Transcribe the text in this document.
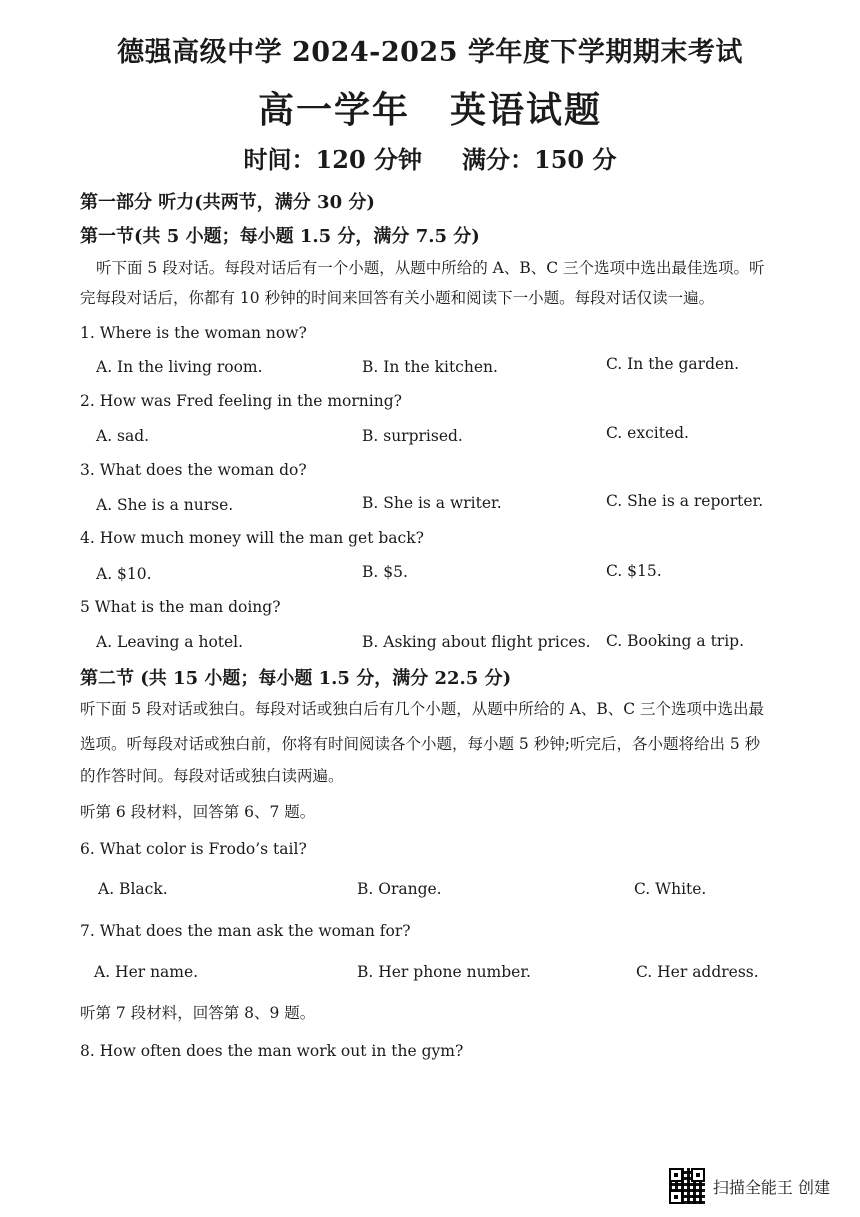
德强高级中学 2024-2025 学年度下学期期末考试
高一学年 英语试题
时间：120 分钟 满分：150 分
第一部分 听力(共两节，满分 30 分)
第一节(共 5 小题；每小题 1.5 分，满分 7.5 分)
听下面 5 段对话。每段对话后有一个小题，从题中所给的 A、B、C 三个选项中选出最佳选项。听
完每段对话后，你都有 10 秒钟的时间来回答有关小题和阅读下一小题。每段对话仅读一遍。
1. Where is the woman now?
A. In the living room.	B. In the kitchen.	C. In the garden.
2. How was Fred feeling in the morning?
A. sad.	B. surprised.	C. excited.
3. What does the woman do?
A. She is a nurse.	B. She is a writer.	C. She is a reporter.
4. How much money will the man get back?
A. $10.	B. $5.	C. $15.
5 What is the man doing?
A. Leaving a hotel.	B. Asking about flight prices. C. Booking a trip.
第二节 (共 15 小题；每小题 1.5 分，满分 22.5 分)
听下面 5 段对话或独白。每段对话或独白后有几个小题，从题中所给的 A、B、C 三个选项中选出最
选项。听每段对话或独白前，你将有时间阅读各个小题，每小题 5 秒钟;听完后，各小题将给出 5 秒
的作答时间。每段对话或独白读两遍。
听第 6 段材料，回答第 6、7 题。
6. What color is Frodo’s tail?
A. Black.	B. Orange.	C. White.
7. What does the man ask the woman for?
A. Her name.	B. Her phone number.	C. Her address.
听第 7 段材料，回答第 8、9 题。
8. How often does the man work out in the gym?
扫描全能王 创建
